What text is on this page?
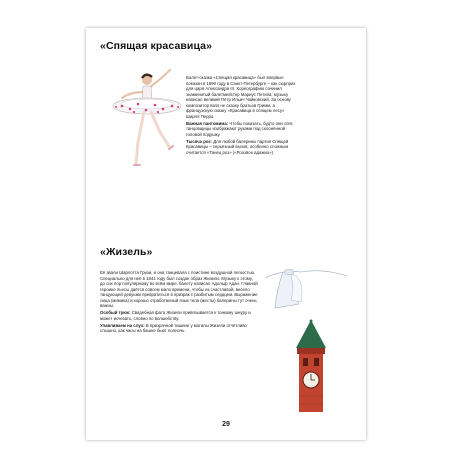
«Спящая красавица»

Балет-сказка «Спящая красавица» был впервые показан в 1890 году в Санкт-Петербурге – как сюрприз для царя Александра III. Хореографию сочинил знаменитый балетмейстер Мариус Петипа; музыку написал великий Пётр Ильич Чайковский. За основу композитор взял не сказку братьев Гримм, а французскую сказку «Красавица в спящем лесу» Шарля Перро.

Важная пантомима: Чтобы показать, будто они спят, танцовщицы изображают руками под склонённой головой подушку.

Тысяча роз: Для любой балерины партия Спящей Красавицы – серьёзный вызов; особенно сложным считается «Танец роз» («Розовое адажио»).

«Жизель»

Её звали Шарлотта Гризи, и она танцевала с поистине воздушной легкостью. Специально для неё в 1841 году был создан образ Жизели. Музыку к этому, до сих пор популярному во всём мире, балету написал Адольф Адан. Главной героине пьесы даётся совсем мало времени, чтобы из счастливой, весело танцующей девушки превратиться в призрак с разбитым сердцем. Выражение лица (мимика) и хорошо отработанный язык тела (жесты) балерины тут очень важны.

Особый трюк: Свадебная фата Жизели привязывается к тонкому шнуру и может исчезать, словно по волшебству.

Упавливаем на слух: В призрачной тишине у могилы Жизели отчётливо слышно, как часы на башне бьют полночь.

29
